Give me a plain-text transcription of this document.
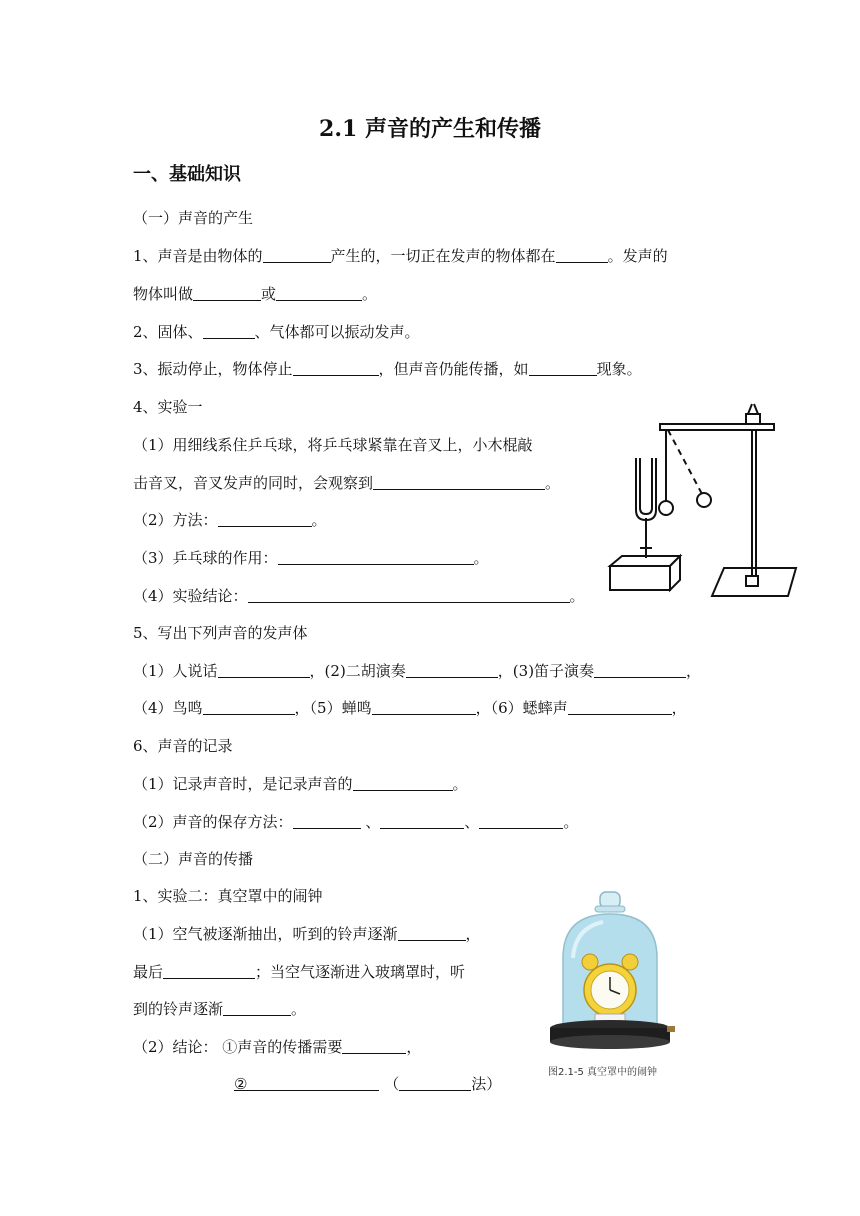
2.1 声音的产生和传播
一、基础知识
（一）声音的产生
1、声音是由物体的	产生的，一切正在发声的物体都在	。发声的
物体叫做	或	。
2、固体、	、气体都可以振动发声。
3、振动停止，物体停止	，但声音仍能传播，如	现象。
4、实验一
（1）用细线系住乒乓球，将乒乓球紧靠在音叉上，小木棍敲
击音叉，音叉发声的同时，会观察到	。
（2）方法：	。
（3）乒乓球的作用：	。
（4）实验结论：	。
5、写出下列声音的发声体
（1）人说话	，(2)二胡演奏	，(3)笛子演奏	，
（4）鸟鸣	，（5）蝉鸣	，（6）蟋蟀声	，
6、声音的记录
（1）记录声音时，是记录声音的	。
（2）声音的保存方法：	、	、	。
（二）声音的传播
1、实验二：真空罩中的闹钟
（1）空气被逐渐抽出，听到的铃声逐渐	，
最后	；当空气逐渐进入玻璃罩时，听
到的铃声逐渐	。
（2）结论： ①声音的传播需要	，
②	（	法）
图2.1-5 真空罩中的闹钟
